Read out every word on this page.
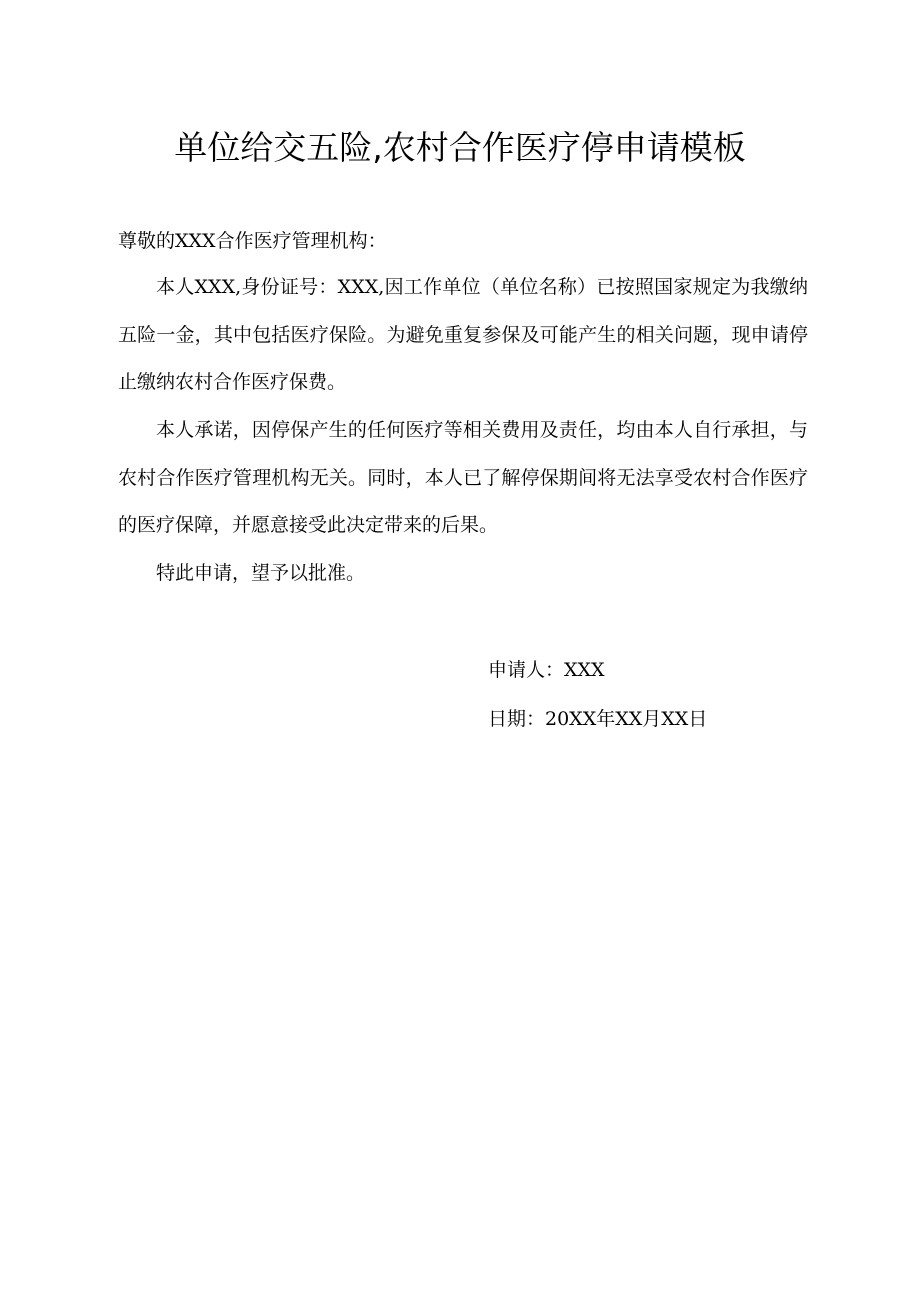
单位给交五险,农村合作医疗停申请模板

尊敬的XXX合作医疗管理机构：

本人XXX,身份证号：XXX,因工作单位（单位名称）已按照国家规定为我缴纳五险一金，其中包括医疗保险。为避免重复参保及可能产生的相关问题，现申请停止缴纳农村合作医疗保费。

本人承诺，因停保产生的任何医疗等相关费用及责任，均由本人自行承担，与农村合作医疗管理机构无关。同时，本人已了解停保期间将无法享受农村合作医疗的医疗保障，并愿意接受此决定带来的后果。

特此申请，望予以批准。

申请人：XXX

日期：20XX年XX月XX日
